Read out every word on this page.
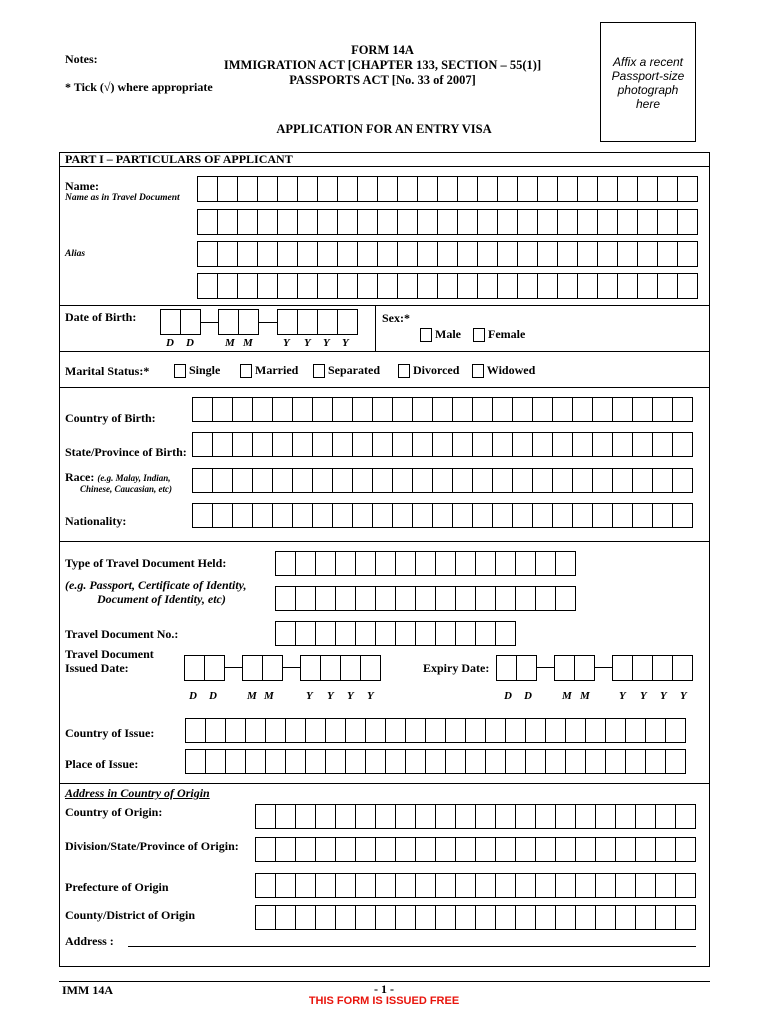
Notes:
* Tick (√) where appropriate
FORM 14A
IMMIGRATION ACT [CHAPTER 133, SECTION – 55(1)]
PASSPORTS ACT [No. 33 of 2007]
Affix a recent Passport-size photograph here
APPLICATION FOR AN ENTRY VISA
PART I – PARTICULARS OF APPLICANT
Name:
Name as in Travel Document
Alias
Date of Birth:
D D	M M	Y Y Y Y
Sex:*
Male	Female
Marital Status:*	Single	Married	Separated	Divorced	Widowed
Country of Birth:
State/Province of Birth:
Race: (e.g. Malay, Indian,
Chinese, Caucasian, etc)
Nationality:
Type of Travel Document Held:
(e.g. Passport, Certificate of Identity,
Document of Identity, etc)
Travel Document No.:
Travel Document
Issued Date:
D D	M M	Y Y Y Y
Expiry Date:
D D	M M	Y Y Y Y
Country of Issue:
Place of Issue:
Address in Country of Origin
Country of Origin:
Division/State/Province of Origin:
Prefecture of Origin
County/District of Origin
Address :
IMM 14A	- 1 -
THIS FORM IS ISSUED FREE
